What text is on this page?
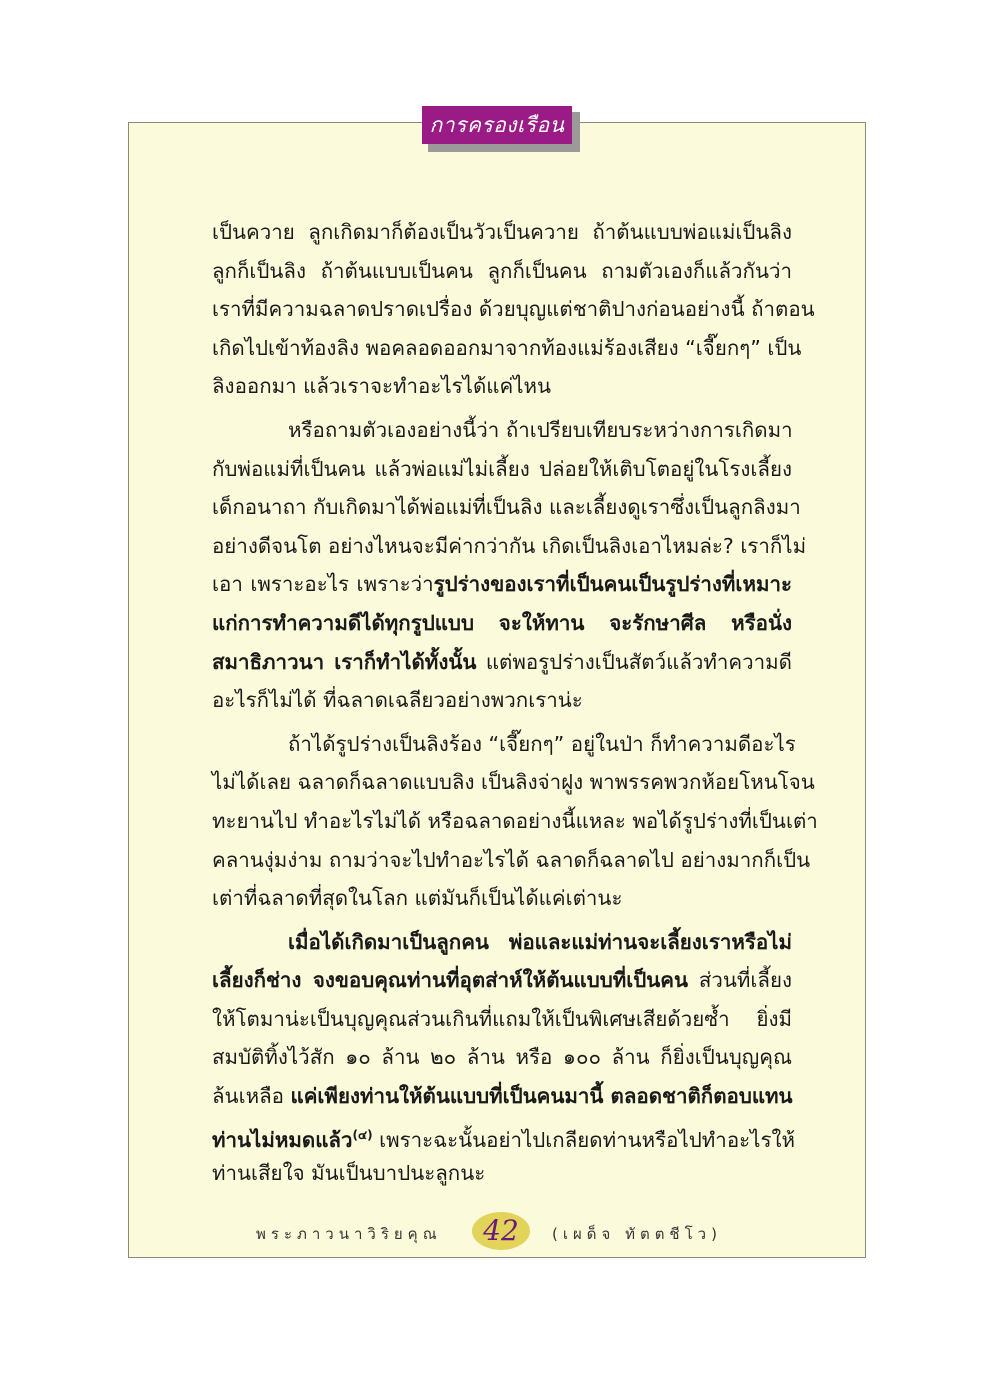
การครองเรือน
เป็นควาย ลูกเกิดมาก็ต้องเป็นวัวเป็นควาย ถ้าต้นแบบพ่อแม่เป็นลิง
ลูกก็เป็นลิง ถ้าต้นแบบเป็นคน ลูกก็เป็นคน ถามตัวเองก็แล้วกันว่า
เราที่มีความฉลาดปราดเปรื่อง ด้วยบุญแต่ชาติปางก่อนอย่างนี้ ถ้าตอน
เกิดไปเข้าท้องลิง พอคลอดออกมาจากท้องแม่ร้องเสียง “เจี๊ยกๆ” เป็น
ลิงออกมา แล้วเราจะทำอะไรได้แค่ไหน
หรือถามตัวเองอย่างนี้ว่า ถ้าเปรียบเทียบระหว่างการเกิดมา
กับพ่อแม่ที่เป็นคน แล้วพ่อแม่ไม่เลี้ยง ปล่อยให้เติบโตอยู่ในโรงเลี้ยง
เด็กอนาถา กับเกิดมาได้พ่อแม่ที่เป็นลิง และเลี้ยงดูเราซึ่งเป็นลูกลิงมา
อย่างดีจนโต อย่างไหนจะมีค่ากว่ากัน เกิดเป็นลิงเอาไหมล่ะ? เราก็ไม่
เอา เพราะอะไร เพราะว่ารูปร่างของเราที่เป็นคนเป็นรูปร่างที่เหมาะ
แก่การทำความดีได้ทุกรูปแบบ จะให้ทาน จะรักษาศีล หรือนั่ง
สมาธิภาวนา เราก็ทำได้ทั้งนั้น แต่พอรูปร่างเป็นสัตว์แล้วทำความดี
อะไรก็ไม่ได้ ที่ฉลาดเฉลียวอย่างพวกเราน่ะ
ถ้าได้รูปร่างเป็นลิงร้อง “เจี๊ยกๆ” อยู่ในป่า ก็ทำความดีอะไร
ไม่ได้เลย ฉลาดก็ฉลาดแบบลิง เป็นลิงจ่าฝูง พาพรรคพวกห้อยโหนโจน
ทะยานไป ทำอะไรไม่ได้ หรือฉลาดอย่างนี้แหละ พอได้รูปร่างที่เป็นเต่า
คลานงุ่มง่าม ถามว่าจะไปทำอะไรได้ ฉลาดก็ฉลาดไป อย่างมากก็เป็น
เต่าที่ฉลาดที่สุดในโลก แต่มันก็เป็นได้แค่เต่านะ
เมื่อได้เกิดมาเป็นลูกคน พ่อและแม่ท่านจะเลี้ยงเราหรือไม่
เลี้ยงก็ช่าง จงขอบคุณท่านที่อุตส่าห์ให้ต้นแบบที่เป็นคน ส่วนที่เลี้ยง
ให้โตมาน่ะเป็นบุญคุณส่วนเกินที่แถมให้เป็นพิเศษเสียด้วยซ้ำ ยิ่งมี
สมบัติทิ้งไว้สัก ๑๐ ล้าน ๒๐ ล้าน หรือ ๑๐๐ ล้าน ก็ยิ่งเป็นบุญคุณ
ล้นเหลือ แค่เพียงท่านให้ต้นแบบที่เป็นคนมานี้ ตลอดชาติก็ตอบแทน
ท่านไม่หมดแล้ว$^{(๔)}$ เพราะฉะนั้นอย่าไปเกลียดท่านหรือไปทำอะไรให้
ท่านเสียใจ มันเป็นบาปนะลูกนะ
พระภาวนาวิริยคุณ	42	(เผด็จ ทัตตชีโว)
